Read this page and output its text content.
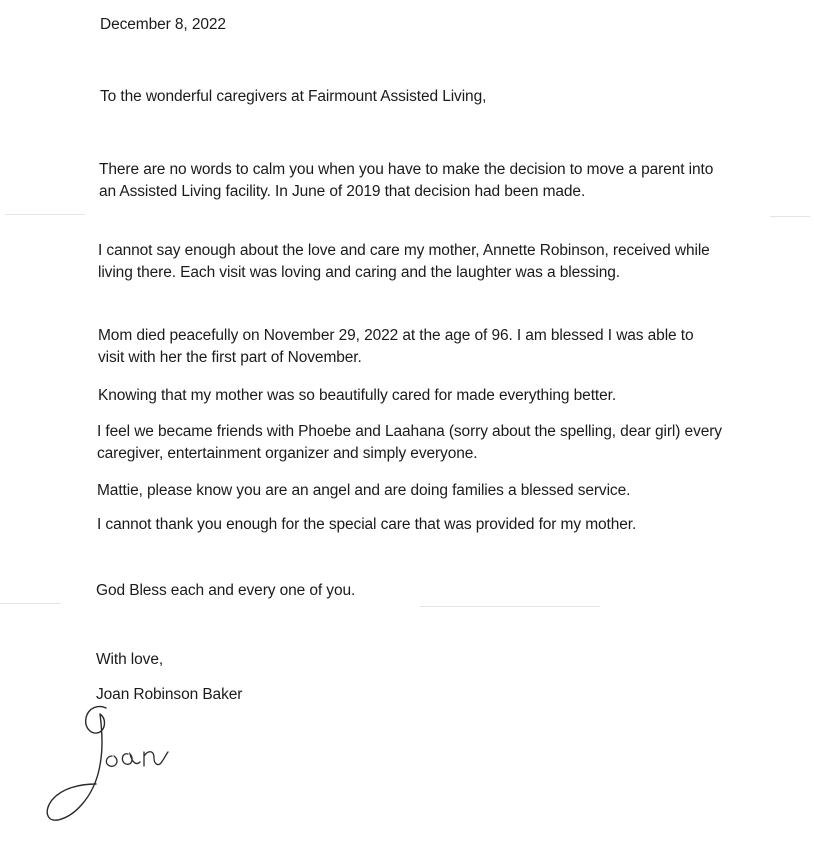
December 8, 2022
To the wonderful caregivers at Fairmount Assisted Living,
There are no words to calm you when you have to make the decision to move a parent into an Assisted Living facility. In June of 2019 that decision had been made.
I cannot say enough about the love and care my mother, Annette Robinson, received while living there. Each visit was loving and caring and the laughter was a blessing.
Mom died peacefully on November 29, 2022 at the age of 96. I am blessed I was able to visit with her the first part of November.
Knowing that my mother was so beautifully cared for made everything better.
I feel we became friends with Phoebe and Laahana (sorry about the spelling, dear girl) every caregiver, entertainment organizer and simply everyone.
Mattie, please know you are an angel and are doing families a blessed service.
I cannot thank you enough for the special care that was provided for my mother.
God Bless each and every one of you.
With love,
Joan Robinson Baker
